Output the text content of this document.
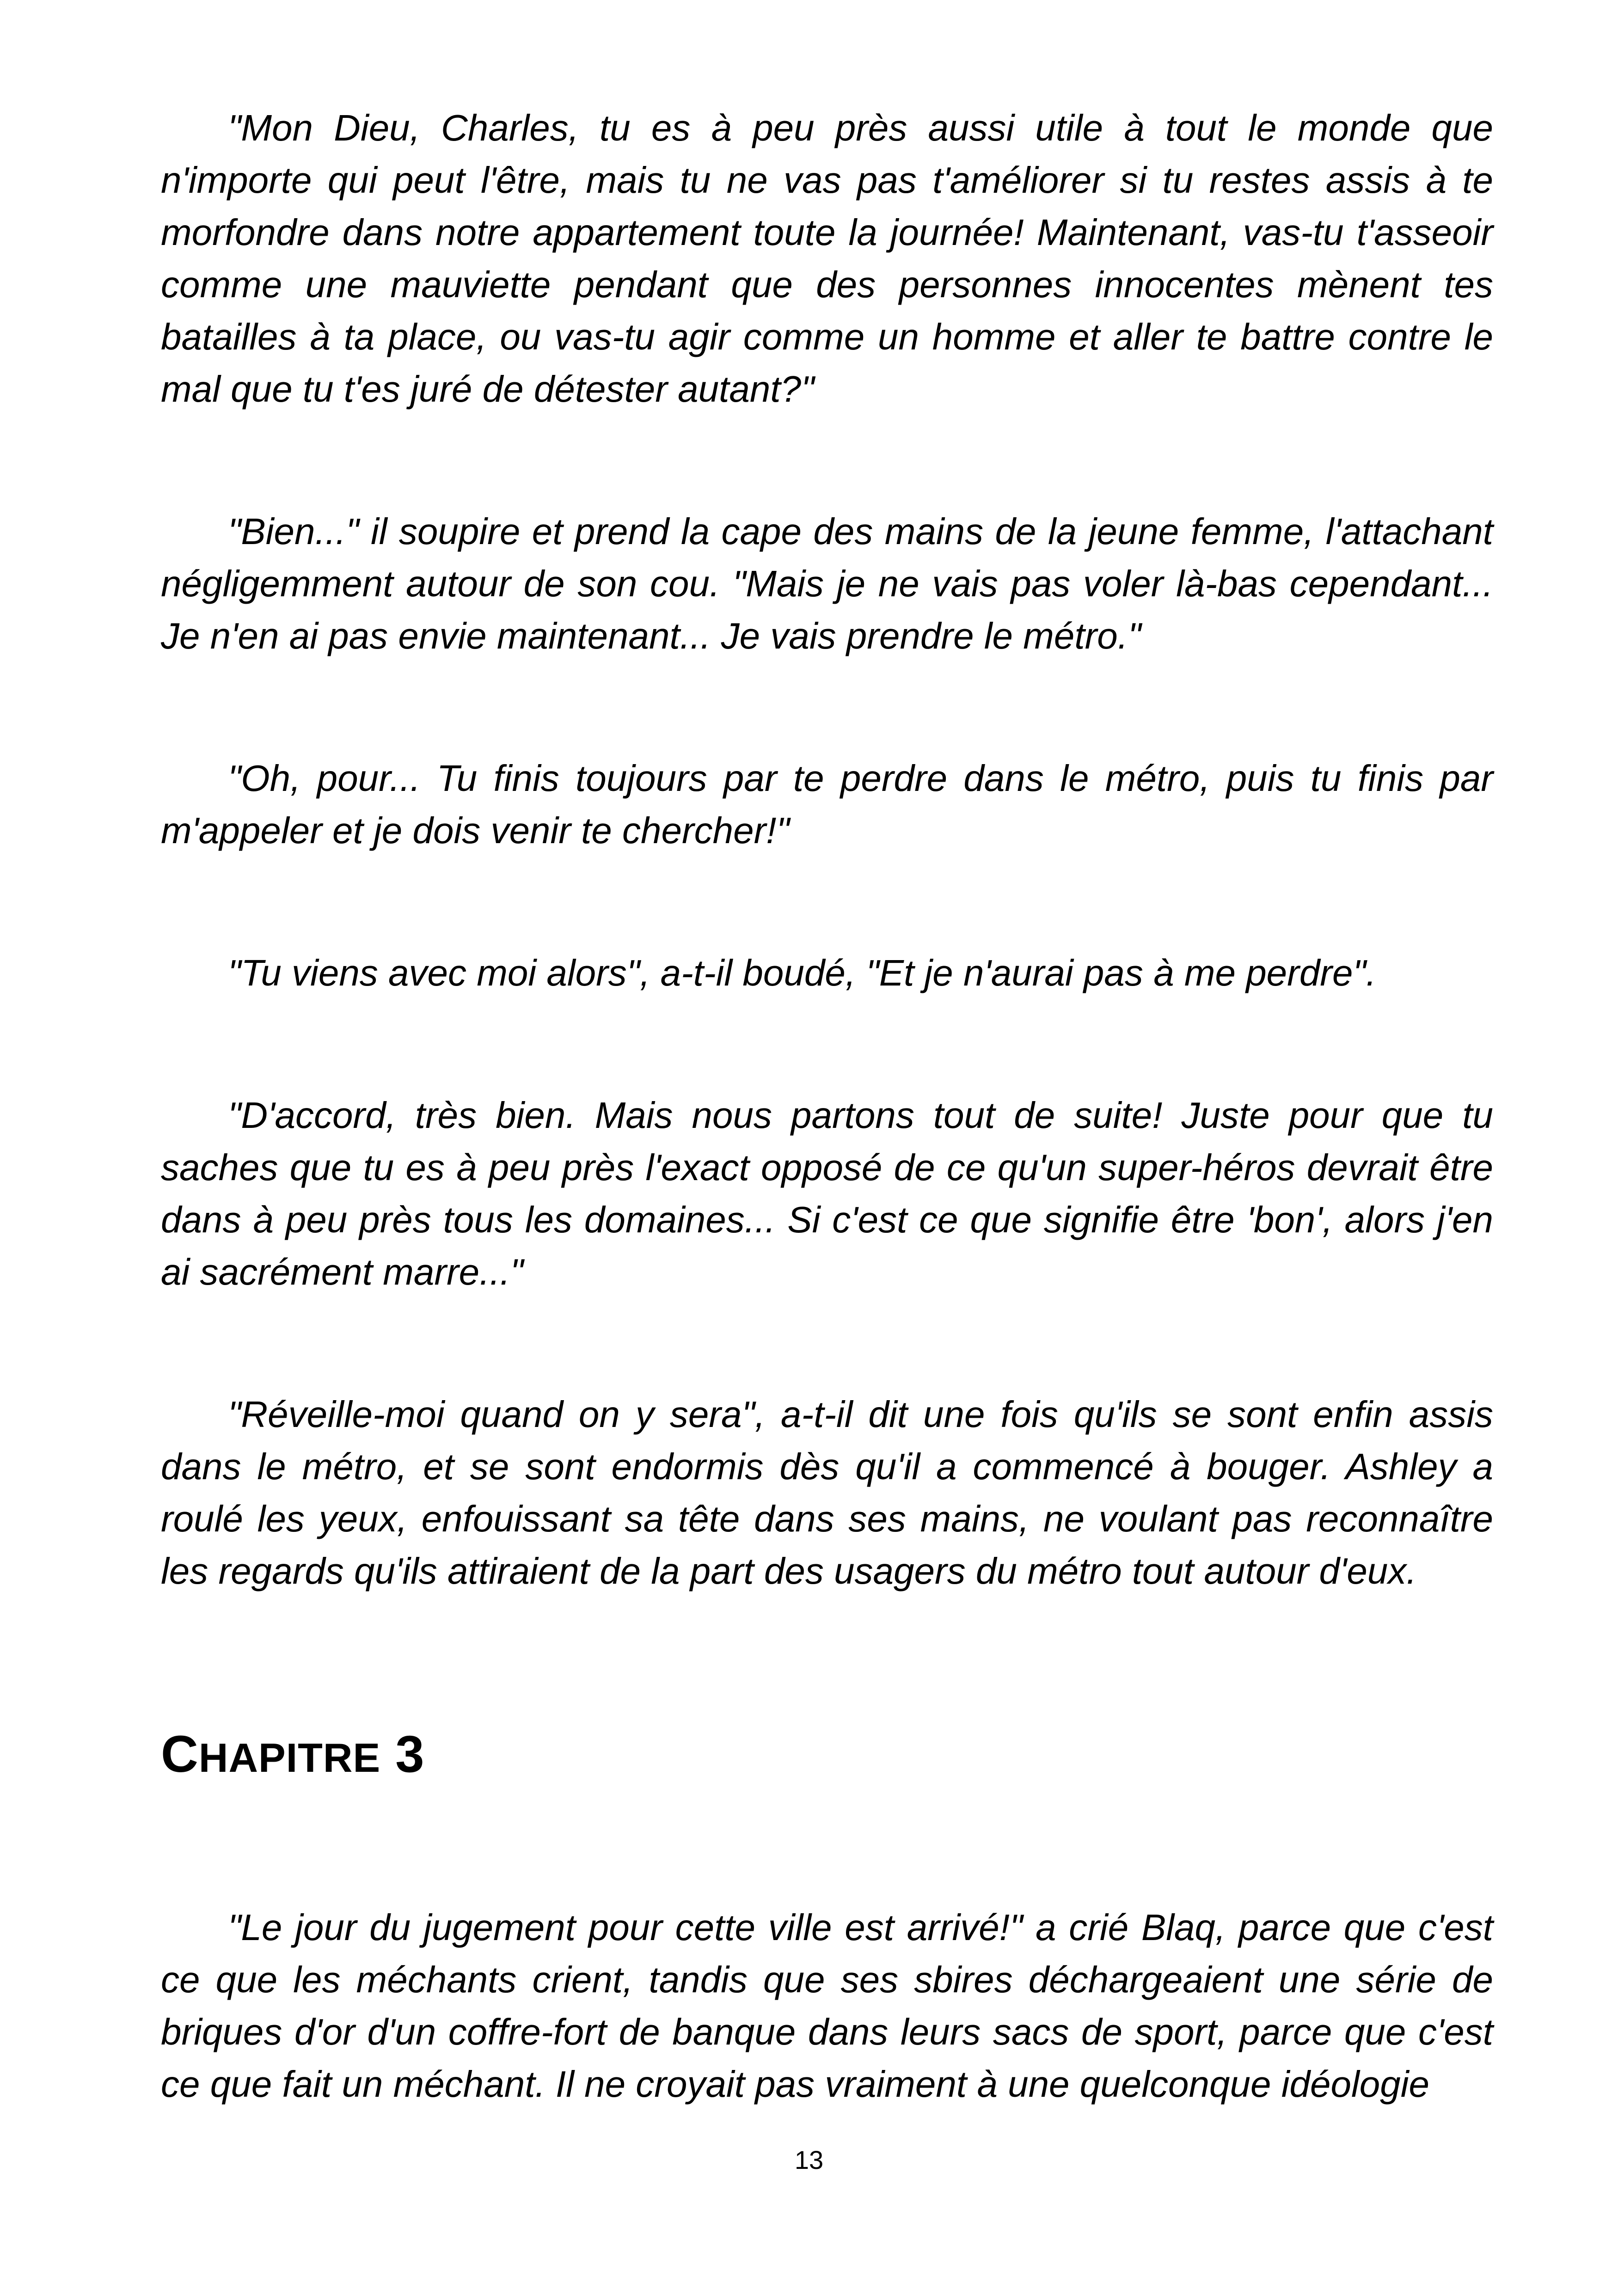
"Mon Dieu, Charles, tu es à peu près aussi utile à tout le monde que n'importe qui peut l'être, mais tu ne vas pas t'améliorer si tu restes assis à te morfondre dans notre appartement toute la journée! Maintenant, vas-tu t'asseoir comme une mauviette pendant que des personnes innocentes mènent tes batailles à ta place, ou vas-tu agir comme un homme et aller te battre contre le mal que tu t'es juré de détester autant?"

"Bien..." il soupire et prend la cape des mains de la jeune femme, l'attachant négligemment autour de son cou. "Mais je ne vais pas voler là-bas cependant... Je n'en ai pas envie maintenant... Je vais prendre le métro."

"Oh, pour... Tu finis toujours par te perdre dans le métro, puis tu finis par m'appeler et je dois venir te chercher!"

"Tu viens avec moi alors", a-t-il boudé, "Et je n'aurai pas à me perdre".

"D'accord, très bien. Mais nous partons tout de suite! Juste pour que tu saches que tu es à peu près l'exact opposé de ce qu'un super-héros devrait être dans à peu près tous les domaines... Si c'est ce que signifie être 'bon', alors j'en ai sacrément marre..."

"Réveille-moi quand on y sera", a-t-il dit une fois qu'ils se sont enfin assis dans le métro, et se sont endormis dès qu'il a commencé à bouger. Ashley a roulé les yeux, enfouissant sa tête dans ses mains, ne voulant pas reconnaître les regards qu'ils attiraient de la part des usagers du métro tout autour d'eux.

CHAPITRE 3

"Le jour du jugement pour cette ville est arrivé!" a crié Blaq, parce que c'est ce que les méchants crient, tandis que ses sbires déchargeaient une série de briques d'or d'un coffre-fort de banque dans leurs sacs de sport, parce que c'est ce que fait un méchant. Il ne croyait pas vraiment à une quelconque idéologie

13
